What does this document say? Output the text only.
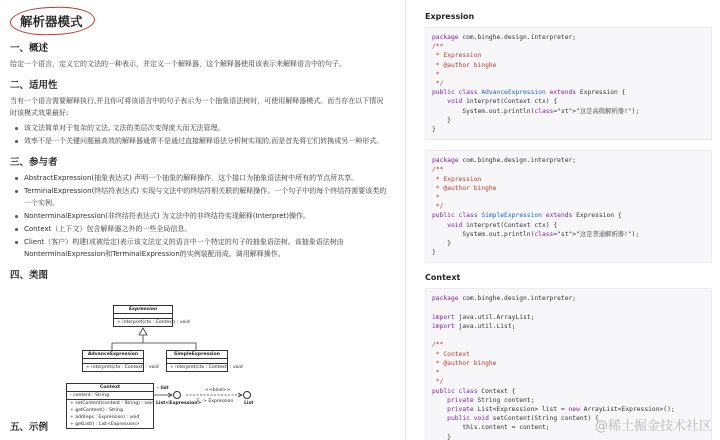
解析器模式
一、概述
给定一个语言，定义它的文法的一种表示，并定义一个解释器，这个解释器使用该表示来解释语言中的句子。
二、适用性
当有一个语言需要解释执行,并且你可将该语言中的句子表示为一个抽象语法树时，可使用解释器模式。而当存在以下情况时该模式效果最好:
该文法简单对于复杂的文法, 文法的类层次变得庞大而无法管理。
效率不是一个关键问题最高效的解释器通常不是通过直接解释语法分析树实现的,而是首先将它们转换成另一种形式。
三、参与者
AbstractExpression(抽象表达式) 声明一个抽象的解释操作，这个接口为抽象语法树中所有的节点所共享。
TerminalExpression(终结符表达式) 实现与文法中的终结符相关联的解释操作。一个句子中的每个终结符需要该类的一个实例。
NonterminalExpression(非终结符表达式) 为文法中的非终结符实现解释(Interpret)操作。
Context（上下文）包含解释器之外的一些全局信息。
Client（客户）构建(或被给定)表示该文法定义的语言中一个特定的句子的抽象语法树。该抽象语法树由NonterminalExpression和TerminalExpression的实例装配而成。调用解释操作。
四、类图
Expression
+ interpret(ctx : Context) : void
AdvanceExpression
+ interpret(ctx : Context) : void
SimpleExpression
+ interpret(ctx : Context) : void
Context
- content : String
+ setContent(content : String) : void
+ getContent() : String
+ add(eps : Expression) : void
+ getList() : List<Expression>
- list
List<Expression>
<<bind>>
E -> Expression List
五、示例
Expression
package com.binghe.design.interpreter;
/**
* Expression
* @author binghe
*
*/
public class AdvanceExpression extends Expression {
void interpret(Context ctx) {
System.out.println(class="st">"这是高级解析器!");
}
}
package com.binghe.design.interpreter;
/**
* Expression
* @author binghe
*
*/
public class SimpleExpression extends Expression {
void interpret(Context ctx) {
System.out.println(class="st">"这是普通解析器!");
}
}
Context
package com.binghe.design.interpreter;

import java.util.ArrayList;
import java.util.List;

/**
* Context
* @author binghe
*
*/
public class Context {
private String content;
private List<Expression> list = new ArrayList<Expression>();
public void setContent(String content) {
this.content = content;
}
@稀土掘金技术社区
